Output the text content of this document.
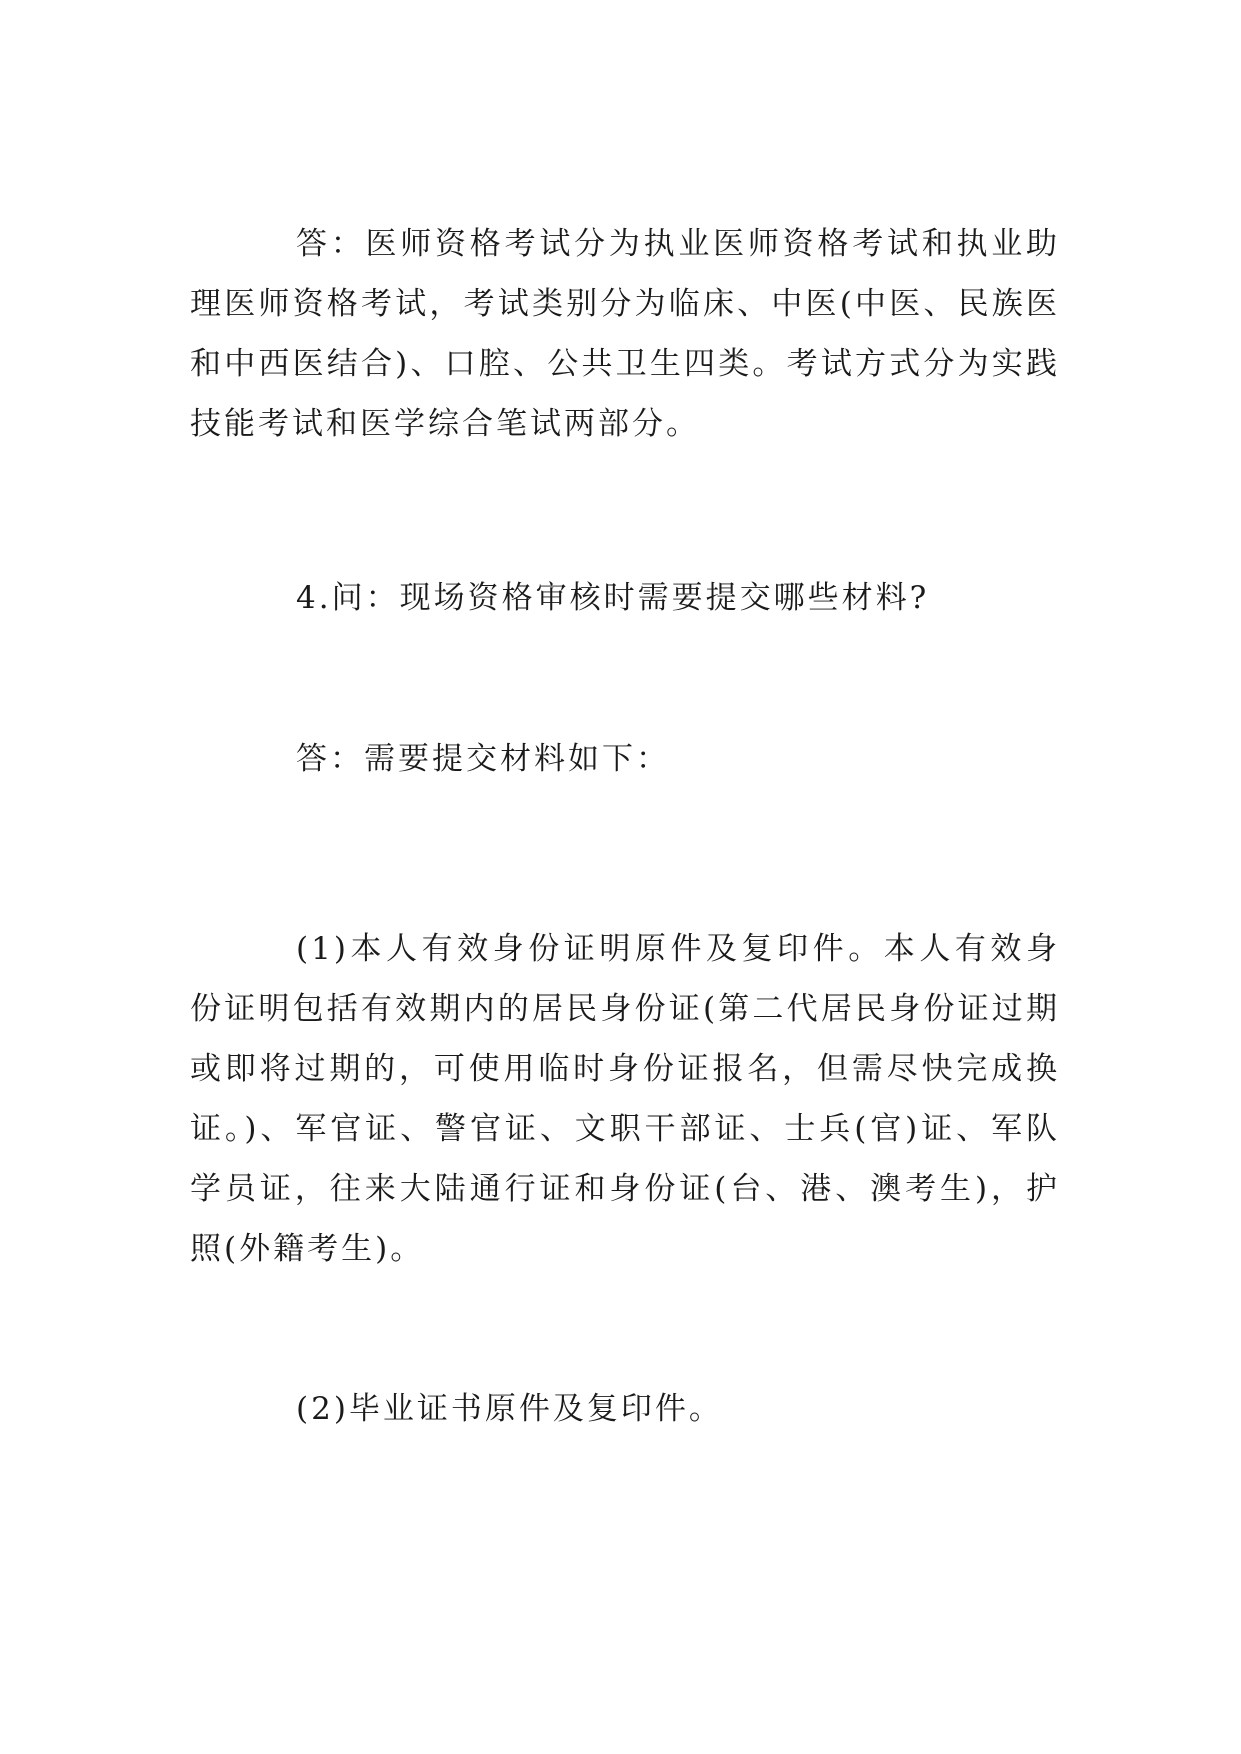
答：医师资格考试分为执业医师资格考试和执业助理医师资格考试，考试类别分为临床、中医(中医、民族医和中西医结合)、口腔、公共卫生四类。考试方式分为实践技能考试和医学综合笔试两部分。

4.问：现场资格审核时需要提交哪些材料?

答：需要提交材料如下：

(1)本人有效身份证明原件及复印件。本人有效身份证明包括有效期内的居民身份证(第二代居民身份证过期或即将过期的，可使用临时身份证报名，但需尽快完成换证。)、军官证、警官证、文职干部证、士兵(官)证、军队学员证，往来大陆通行证和身份证(台、港、澳考生)，护照(外籍考生)。

(2)毕业证书原件及复印件。
